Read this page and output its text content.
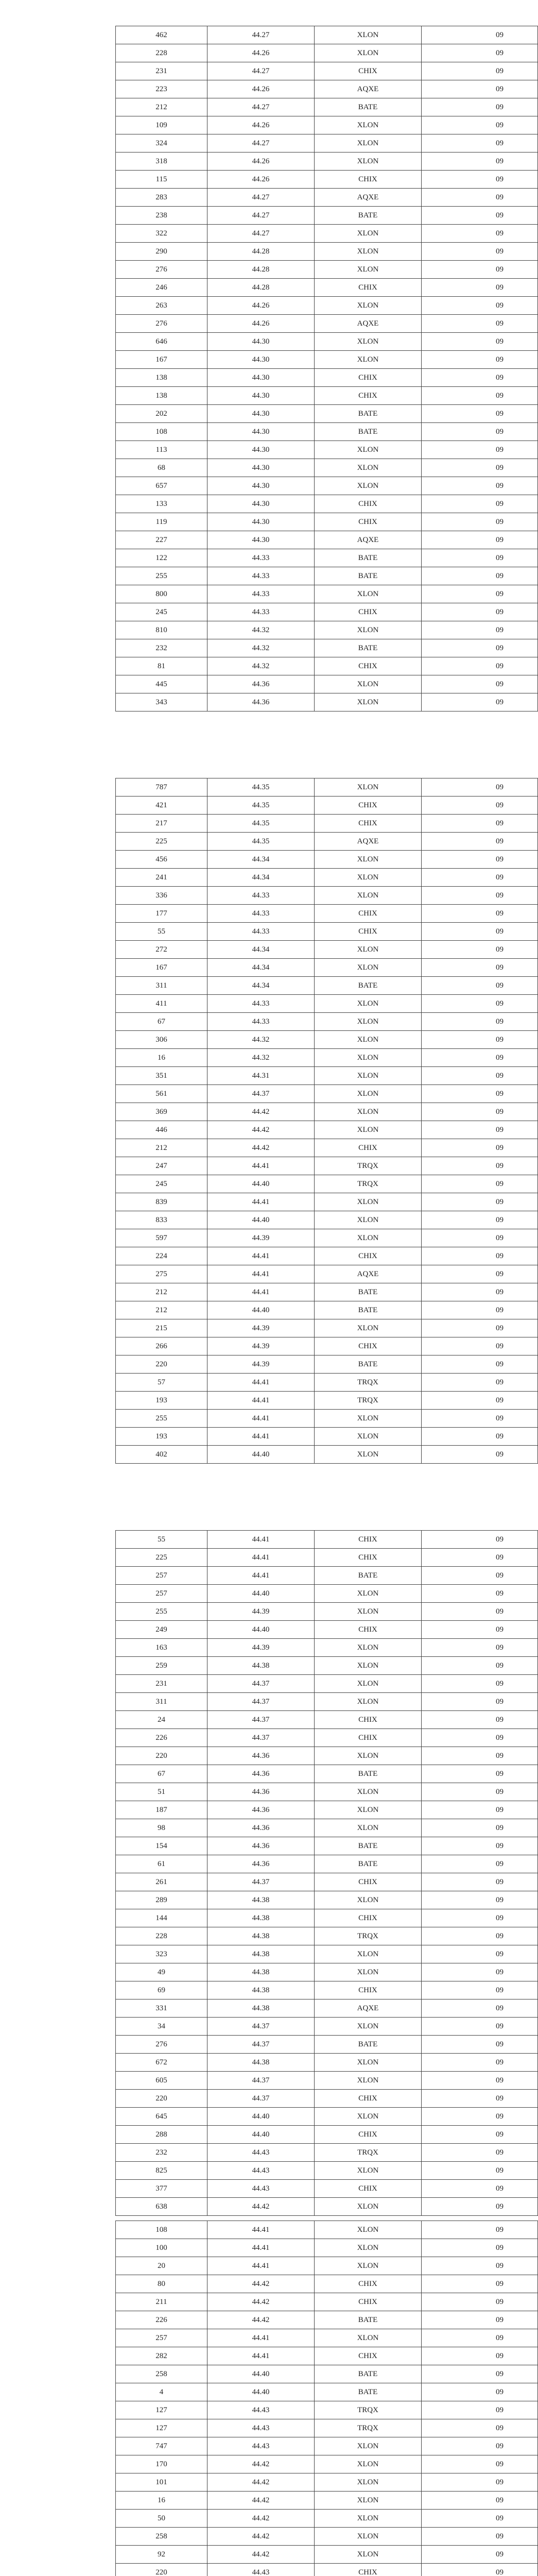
462	44.27	XLON	09
228	44.26	XLON	09
231	44.27	CHIX	09
223	44.26	AQXE	09
212	44.27	BATE	09
109	44.26	XLON	09
324	44.27	XLON	09
318	44.26	XLON	09
115	44.26	CHIX	09
283	44.27	AQXE	09
238	44.27	BATE	09
322	44.27	XLON	09
290	44.28	XLON	09
276	44.28	XLON	09
246	44.28	CHIX	09
263	44.26	XLON	09
276	44.26	AQXE	09
646	44.30	XLON	09
167	44.30	XLON	09
138	44.30	CHIX	09
138	44.30	CHIX	09
202	44.30	BATE	09
108	44.30	BATE	09
113	44.30	XLON	09
68	44.30	XLON	09
657	44.30	XLON	09
133	44.30	CHIX	09
119	44.30	CHIX	09
227	44.30	AQXE	09
122	44.33	BATE	09
255	44.33	BATE	09
800	44.33	XLON	09
245	44.33	CHIX	09
810	44.32	XLON	09
232	44.32	BATE	09
81	44.32	CHIX	09
445	44.36	XLON	09
343	44.36	XLON	09
787	44.35	XLON	09
421	44.35	CHIX	09
217	44.35	CHIX	09
225	44.35	AQXE	09
456	44.34	XLON	09
241	44.34	XLON	09
336	44.33	XLON	09
177	44.33	CHIX	09
55	44.33	CHIX	09
272	44.34	XLON	09
167	44.34	XLON	09
311	44.34	BATE	09
411	44.33	XLON	09
67	44.33	XLON	09
306	44.32	XLON	09
16	44.32	XLON	09
351	44.31	XLON	09
561	44.37	XLON	09
369	44.42	XLON	09
446	44.42	XLON	09
212	44.42	CHIX	09
247	44.41	TRQX	09
245	44.40	TRQX	09
839	44.41	XLON	09
833	44.40	XLON	09
597	44.39	XLON	09
224	44.41	CHIX	09
275	44.41	AQXE	09
212	44.41	BATE	09
212	44.40	BATE	09
215	44.39	XLON	09
266	44.39	CHIX	09
220	44.39	BATE	09
57	44.41	TRQX	09
193	44.41	TRQX	09
255	44.41	XLON	09
193	44.41	XLON	09
402	44.40	XLON	09
55	44.41	CHIX	09
225	44.41	CHIX	09
257	44.41	BATE	09
257	44.40	XLON	09
255	44.39	XLON	09
249	44.40	CHIX	09
163	44.39	XLON	09
259	44.38	XLON	09
231	44.37	XLON	09
311	44.37	XLON	09
24	44.37	CHIX	09
226	44.37	CHIX	09
220	44.36	XLON	09
67	44.36	BATE	09
51	44.36	XLON	09
187	44.36	XLON	09
98	44.36	XLON	09
154	44.36	BATE	09
61	44.36	BATE	09
261	44.37	CHIX	09
289	44.38	XLON	09
144	44.38	CHIX	09
228	44.38	TRQX	09
323	44.38	XLON	09
49	44.38	XLON	09
69	44.38	CHIX	09
331	44.38	AQXE	09
34	44.37	XLON	09
276	44.37	BATE	09
672	44.38	XLON	09
605	44.37	XLON	09
220	44.37	CHIX	09
645	44.40	XLON	09
288	44.40	CHIX	09
232	44.43	TRQX	09
825	44.43	XLON	09
377	44.43	CHIX	09
638	44.42	XLON	09
108	44.41	XLON	09
100	44.41	XLON	09
20	44.41	XLON	09
80	44.42	CHIX	09
211	44.42	CHIX	09
226	44.42	BATE	09
257	44.41	XLON	09
282	44.41	CHIX	09
258	44.40	BATE	09
4	44.40	BATE	09
127	44.43	TRQX	09
127	44.43	TRQX	09
747	44.43	XLON	09
170	44.42	XLON	09
101	44.42	XLON	09
16	44.42	XLON	09
50	44.42	XLON	09
258	44.42	XLON	09
92	44.42	XLON	09
220	44.43	CHIX	09
